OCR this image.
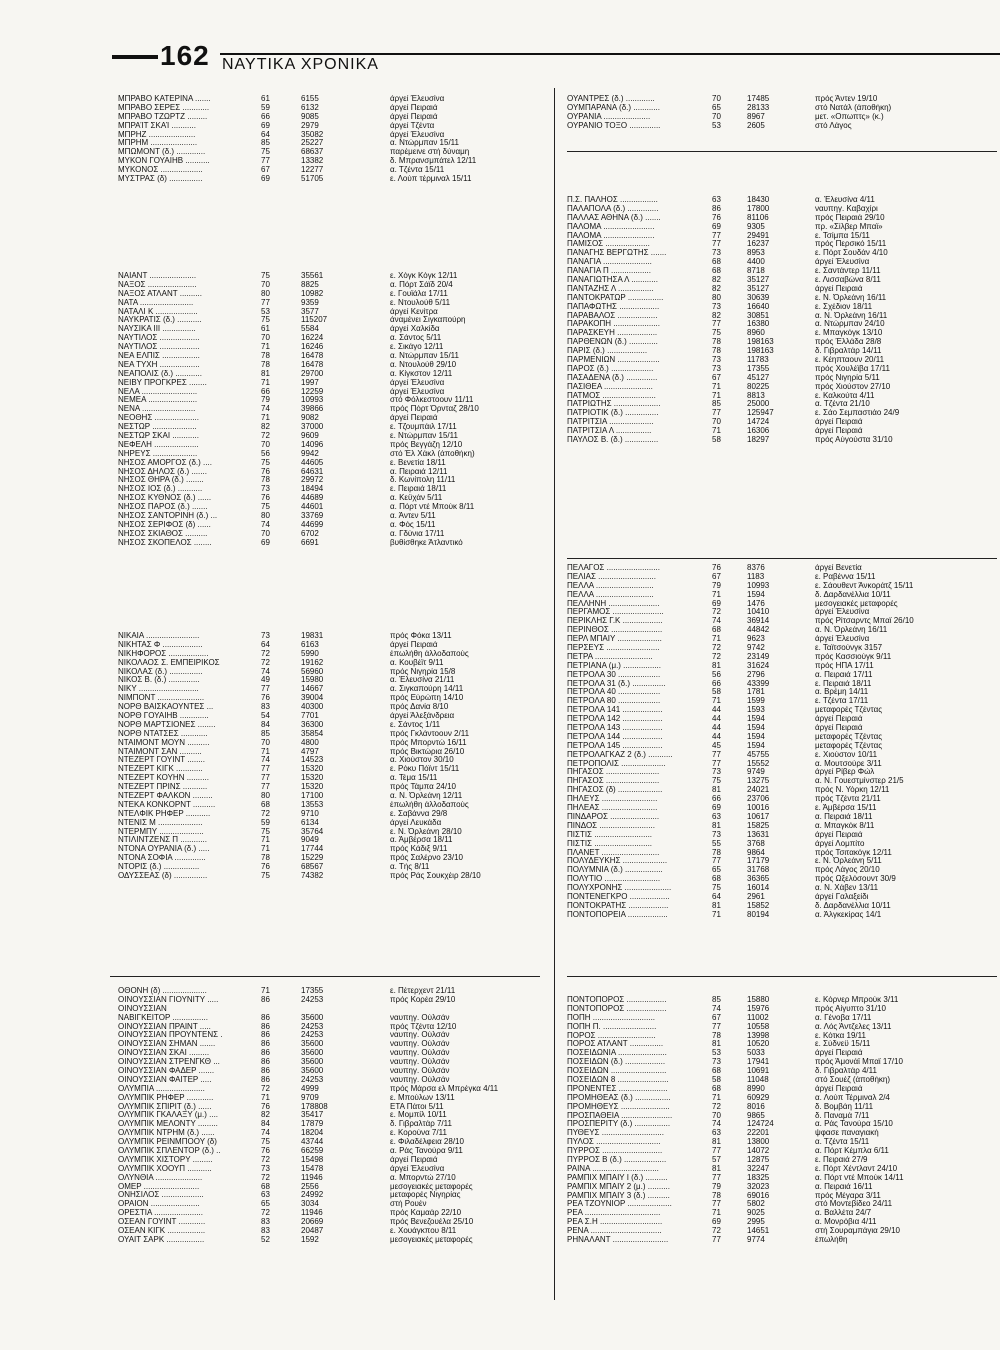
162 ΝΑΥΤΙΚΑ ΧΡΟΝΙΚΑ
ΜΠΡΑΒΟ ΚΑΤΕΡΙΝΑ .......	61	6155	άργεί Έλευσίνα
ΜΠΡΑΒΟ ΣΕΡΕΣ ............	59	6132	άργεί Πειραιά
ΜΠΡΑΒΟ ΤΖΩΡΤΖ .........	66	9085	άργεί Πειραιά
ΜΠΡΑΊΤ ΣΚΑΊ ...........	69	2979	άργεί Τζέντα
ΜΠΡΗΖ .....................	64	35082	άργεί Έλευσίνα
ΜΠΡΗΜ .....................	85	25227	α. Ντώρμπαν 15/11
ΜΠΩΜΟΝΤ (δ.) .............	75	68637	παρέμεινε στή δύναμη
ΜΥΚΟΝ ΓΟΥΑΙΗΒ ...........	77	13382	δ. Μπρανσμπάτελ 12/11
ΜΥΚΟΝΟΣ ...................	67	12277	α. Τζέντα 15/11
ΜΥΣΤΡΑΣ (δ) ...............	69	51705	ε. Λούπ τέρμιναλ 15/11
ΝΑΪΑΝΤ .....................	75	35561	ε. Χόγκ Κόγκ 12/11
ΝΑΞΟΣ ......................	70	8825	α. Πόρτ Σάϊδ 20/4
ΝΑΞΟΣ ΑΤΛΑΝΤ ..........	80	10982	ε. Γουϊάλα 17/11
ΝΑΤΑ ........................	77	9359	ε. Ντουλούθ 5/11
ΝΑΤΑΛΙ Κ ...................	53	3577	άργεί Κενίτρα
ΝΑΥΚΡΑΤΙΣ (δ.) ...........	75	115207	άναμένει Σιγκαπούρη
ΝΑΥΣΙΚΑ III ...............	61	5584	άργεί Χαλκίδα
ΝΑΥΤΙΛΟΣ ..................	70	16224	α. Σάντος 5/11
ΝΑΥΤΙΛΟΣ ..................	71	16246	ε. Σικάγο 12/11
ΝΕΑ ΕΛΠΙΣ .................	78	16478	α. Ντώρμπαν 15/11
ΝΕΑ ΤΥΧΗ ..................	78	16478	α. Ντουλούθ 29/10
ΝΕΑΠΟΛΙΣ (δ.) ............	81	29700	α. Κίγκστον 12/11
ΝΕΪΒΥ ΠΡΟΓΚΡΕΣ ........	71	1997	άργεί Έλευσίνα
ΝΕΛΑ .........................	66	12259	άργεί Έλευσίνα
ΝΕΜΕΑ ......................	79	10993	στό Φόλκεστοουν 11/11
ΝΕΝΑ ........................	74	39866	πρός Πόρτ Όρνταζ 28/10
ΝΕΟΘΗΣ ....................	71	9082	άργεί Πειραιά
ΝΕΣΤΩΡ ....................	82	37000	ε. Τζουμπάιλ 17/11
ΝΕΣΤΩΡ ΣΚΑΪ ............	72	9609	ε. Ντώρμπαν 15/11
ΝΕΦΕΛΗ ....................	70	14096	πρός Βεγγάζη 12/10
ΝΗΡΕΥΣ ....................	56	9942	στό Έλ Χάκλ (άποθήκη)
ΝΗΣΟΣ ΑΜΟΡΓΟΣ (δ.) ....	75	44605	ε. Βενετία 18/11
ΝΗΣΟΣ ΔΗΛΟΣ (δ.) .......	76	64631	α. Πειραιά 12/11
ΝΗΣΟΣ ΘΗΡΑ (δ.) ........	78	29972	δ. Κωνίπολη 11/11
ΝΗΣΟΣ ΙΟΣ (δ.) ...........	73	18494	ε. Πειραιά 18/11
ΝΗΣΟΣ ΚΥΘΝΟΣ (δ.) ......	76	44689	α. Κεϋχάν 5/11
ΝΗΣΟΣ ΠΑΡΟΣ (δ.) .......	75	44601	α. Πόρτ ντέ Μπούκ 8/11
ΝΗΣΟΣ ΣΑΝΤΟΡΙΝΗ (δ.) ...	80	33769	α. Άντεν 5/11
ΝΗΣΟΣ ΣΕΡΙΦΟΣ (δ) ......	74	44699	α. Φός 15/11
ΝΗΣΟΣ ΣΚΙΑΘΟΣ ..........	70	6702	α. Γδύνια 17/11
ΝΗΣΟΣ ΣΚΟΠΕΛΟΣ ........	69	6691	βυθίσθηκε Άτλαντικό
ΝΙΚΑΙΑ ........................	73	19831	πρός Φόκα 13/11
ΝΙΚΗΤΑΣ Φ ..................	64	6163	άργεί Πειραιά
ΝΙΚΗΦΟΡΟΣ ..................	72	5990	έπωλήθη άλλοδαπούς
ΝΙΚΟΛΑΟΣ Σ. ΕΜΠΕΙΡΙΚΟΣ	72	19162	α. Κουβέϊτ 9/11
ΝΙΚΟΛΑΣ (δ.) ...............	74	56960	πρός Νιγηρία 15/8
ΝΙΚΟΣ Β. (δ.) ..............	49	15980	α. Έλευσίνα 21/11
ΝΙΚΥ ...........................	77	14667	α. Σιγκαπούρη 14/11
ΝΙΜΠΟΝΤ .....................	76	39004	πρός Εύρώπη 14/10
ΝΟΡΘ ΒΑΪΣΚΑΟΥΝΤΕΣ ...	83	40300	πρός Δανία 8/10
ΝΟΡΘ ΓΟΥΑΙΗΒ .............	54	7701	άργεί Άλεξάνδρεια
ΝΟΡΘ ΜΑΡΤΣΙΟΝΕΣ ........	84	36300	ε. Σάντος 1/11
ΝΟΡΘ ΝΤΑΤΣΕΣ ............	85	35854	πρός Γκλάντοουν 2/11
ΝΤΑΪΜΟΝΤ ΜΟΥΝ ..........	70	4800	πρός Μπορντώ 16/11
ΝΤΑΪΜΟΝΤ ΣΑΝ ..........	71	4797	πρός Βικτώρια 26/10
ΝΤΕΖΕΡΤ ΓΟΥΪΝΤ ........	74	14523	α. Χιούστον 30/10
ΝΤΕΖΕΡΤ ΚΙΓΚ ............	77	15320	ε. Ρόκυ Πόϊντ 15/11
ΝΤΕΖΕΡΤ ΚΟΥΗΝ ..........	77	15320	α. Τέμα 15/11
ΝΤΕΖΕΡΤ ΠΡΙΝΣ ...........	77	15320	πρός Τάμπα 24/10
ΝΤΕΖΕΡΤ ΦΑΛΚΟΝ .........	80	17100	α. Ν. Όρλεάνη 12/11
ΝΤΕΚΑ ΚΟΝΚΟΡΝΤ ..........	68	13553	έπωλήθη άλλοδαπούς
ΝΤΕΛΦΙΚ ΡΗΦΕΡ ...........	72	9710	ε. Σαβάννα 29/8
ΝΤΕΝΙΣ Μ ....................	59	6134	άργεί Λευκάδα
ΝΤΕΡΜΠΥ ....................	75	35764	ε. Ν. Όρλεάνη 28/10
ΝΤΙΛΙΝΤΖΕΝΣ Π ............	71	9049	α. Άμβέρσα 18/11
ΝΤΟΝΑ ΟΥΡΑΝΙΑ (δ.) .....	71	17744	πρός Κάδιξ 9/11
ΝΤΟΝΑ ΣΟΦΙΑ ..............	78	15229	πρός Σαλέρνο 23/10
ΝΤΟΡΙΣ (δ.) ................	76	68567	α. Τής 8/11
ΟΔΥΣΣΕΑΣ (δ) ...............	75	74382	πρός Ράς Σουκχέιρ 28/10
ΟΘΟΝΗ (δ) ....................	71	17355	ε. Πέτερχεντ 21/11
ΟΙΝΟΥΣΣΙΑΝ ΓΙΟΥΝΙΤΥ .....	86	24253	πρός Κορέα 29/10
ΟΙΝΟΥΣΣΙΑΝ
ΝΑΒΙΓΚΕΪΤΟΡ ................	86	35600	ναυπηγ. Ούλσάν
ΟΙΝΟΥΣΣΙΑΝ ΠΡΑΪΝΤ .....	86	24253	πρός Τζέντα 12/10
ΟΙΝΟΥΣΣΙΑΝ ΠΡΟΥΝΤΕΝΣ .	86	24253	ναυπηγ. Ούλσάν
ΟΙΝΟΥΣΣΙΑΝ ΣΗΜΑΝ .......	86	35600	ναυπηγ. Ούλσάν
ΟΙΝΟΥΣΣΙΑΝ ΣΚΑΪ .........	86	35600	ναυπηγ. Ούλσάν
ΟΙΝΟΥΣΣΙΑΝ ΣΤΡΕΝΓΚΘ ...	86	35600	ναυπηγ. Ούλσάν
ΟΙΝΟΥΣΣΙΑΝ ΦΑΔΕΡ .......	86	35600	ναυπηγ. Ούλσάν
ΟΙΝΟΥΣΣΙΑΝ ΦΑΪΤΕΡ .....	86	24253	ναυπηγ. Ούλσάν
ΟΛΥΜΠΙΑ ......................	72	4999	πρός Μάρσα ελ Μπρέγκα 4/11
ΟΛΥΜΠΙΚ ΡΗΦΕΡ ............	71	9709	ε. Μπούλων 13/11
ΟΛΥΜΠΙΚ ΣΠΙΡΙΤ (δ.) ......	76	178808	ΕΤΑ Πάτοι 5/11
ΟΛΥΜΠΙΚ ΓΚΑΛΑΞΥ (μ.) ....	82	35417	ε. Μομπίλ 10/11
ΟΛΥΜΠΙΚ ΜΕΛΟΝΤΥ .........	84	17879	δ. Γιβραλτάρ 7/11
ΟΛΥΜΠΙΚ ΝΤΡΗΜ (δ.) ......	74	18204	ε. Κορούνα 7/11
ΟΛΥΜΠΙΚ ΡΕΪΝΜΠΟΟΥ (δ)	75	43744	ε. Φιλαδέλφεια 28/10
ΟΛΥΜΠΙΚ ΣΠΛΕΝΤΟΡ (δ.) ..	76	66259	α. Ράς Τανούρα 9/11
ΟΛΥΜΠΙΚ ΧΙΣΤΟΡΥ .........	72	15498	άργεί Πειραιά
ΟΛΥΜΠΙΚ ΧΟΟΥΠ ...........	73	15478	άργεί Έλευσίνα
ΟΛΥΝΘΙΑ .....................	72	11946	α. Μπορντώ 27/10
ΟΜΕΡ .........................	68	2556	μεσογειακές μεταφορές
ΟΝΗΣΙΛΟΣ ...................	63	24992	μεταφορές Νιγηρίας
ΟΡΑΪΟΝ ......................	65	3034	στή Ρουέν
ΟΡΕΣΤΙΑ ......................	72	11946	πρός Καμαάρ 22/10
ΟΣΕΑΝ ΓΟΥΪΝΤ ............	83	20669	πρός Βενεζουέλα 25/10
ΟΣΕΑΝ ΚΙΓΚ .................	83	20487	ε. Χουάγκπου 8/11
ΟΥΑΪΤ ΣΑΡΚ .................	52	1592	μεσογειακές μεταφορές
ΟΥΑΝΤΡΕΣ (δ.) .............	70	17485	πρός Άντεν 19/10
ΟΥΜΠΑΡΑΝΑ (δ.) ............	65	28133	στό Νατάλ (άποθήκη)
ΟΥΡΑΝΙΑ .....................	70	8967	μετ. «Οπωπτς» (κ.)
ΟΥΡΑΝΙΟ ΤΟΞΟ ..............	53	2605	στό Λάγος
Π.Σ. ΠΑΛΗΟΣ .................	63	18430	α. Έλευσίνα 4/11
ΠΑΛΑΠΟΛΑ (δ.) ..............	86	17800	ναυπηγ. Καβαχίρι
ΠΑΛΛΑΣ ΑΘΗΝΑ (δ.) .......	76	81106	πρός Πειραιά 29/10
ΠΑΛΟΜΑ .......................	69	9305	πρ. «Σίλβερ Μπαϊ»
ΠΑΛΟΜΑ .......................	77	29491	ε. Τσίμπα 15/11
ΠΑΜΙΣΟΣ ....................	77	16237	πρός Περσικό 15/11
ΠΑΝΑΓΗΣ ΒΕΡΓΩΤΗΣ .......	73	8953	ε. Πόρτ Σουδάν 4/10
ΠΑΝΑΓΙΑ ......................	68	4400	άργεί Έλευσίνα
ΠΑΝΑΓΙΑ Π ..................	68	8718	ε. Σαντάντερ 11/11
ΠΑΝΑΓΙΩΤΗΣΑ Λ ............	82	35127	ε. Λισσαβώνα 8/11
ΠΑΝΤΑΖΗΣ Λ ................	82	35127	άργεί Πειραιά
ΠΑΝΤΟΚΡΑΤΩΡ ................	80	30639	ε. Ν. Όρλεάνη 16/11
ΠΑΠΑΦΩΤΗΣ ..................	73	16640	ε. Σχέδιον 18/11
ΠΑΡΑΒΑΛΟΣ ..................	82	30851	α. Ν. Όρλεάνη 16/11
ΠΑΡΑΚΟΠΗ .....................	77	16380	α. Ντώρμπαν 24/10
ΠΑΡΑΣΚΕΥΗ ..................	75	8960	ε. Μπαγκόγκ 13/10
ΠΑΡΘΕΝΩΝ (δ.) .............	78	198163	πρός Έλλάδα 28/8
ΠΑΡΙΣ (δ.) ..................	78	198163	δ. Γιβραλτάρ 14/11
ΠΑΡΜΕΝΙΩΝ ...................	73	11783	ε. Κέηπταουν 20/11
ΠΑΡΟΣ (δ.) ...................	73	17355	πρός Χουλέϊβα 17/11
ΠΑΣΑΔΕΝΑ (δ.) ..............	67	45127	πρός Νιγηρία 5/11
ΠΑΣΙΘΕΑ ......................	71	80225	πρός Χιούστον 27/10
ΠΑΤΜΟΣ ........................	71	8813	ε. Καλκούτα 4/11
ΠΑΤΡΙΩΤΗΣ .....................	85	25000	α. Τζέντα 21/10
ΠΑΤΡΙΟΤΙΚ (δ.) ...............	77	125947	ε. Σάο Σεμπαστιάο 24/9
ΠΑΤΡΙΤΣΙΑ ....................	70	14724	άργεί Πειραιά
ΠΑΤΡΙΤΣΙΑ Λ ................	71	16306	άργεί Πειραιά
ΠΑΥΛΟΣ Β. (δ.) ...............	58	18297	πρός Αύγούστα 31/10
ΠΕΛΑΓΟΣ ........................	76	8376	άργεί Βενετία
ΠΕΛΙΑΣ ..........................	67	1183	ε. Ραβέννα 15/11
ΠΕΛΛΑ ..........................	79	10993	ε. Σάουθεντ Άνκοράτζ 15/11
ΠΕΛΛΑ ..........................	71	1594	δ. Δαρδανέλλια 10/11
ΠΕΛΛΗΝΗ .......................	69	1476	μεσογειακές μεταφορές
ΠΕΡΓΑΜΟΣ .......................	72	10410	άργεί Έλευσίνα
ΠΕΡΙΚΛΗΣ Γ.Κ ..................	74	36914	πρός Ρίτσαρντς Μπαϊ 26/10
ΠΕΡΙΝΘΟΣ .......................	68	44842	α. Ν. Όρλεάνη 16/11
ΠΕΡΛ ΜΠΑΪΥ ....................	71	9623	άργεί Έλευσίνα
ΠΕΡΣΕΥΣ ........................	72	9742	ε. Ταϊτσούνγκ 3157
ΠΕΤΡΑ ..........................	72	23149	πρός Κασσιούγκ 9/11
ΠΕΤΡΙΑΝΑ (μ.) .................	81	31624	πρός ΗΠΑ 17/11
ΠΕΤΡΟΛΑ 30 ...................	56	2796	α. Πειραιά 17/11
ΠΕΤΡΟΛΑ 31 (δ.) ...............	66	43399	ε. Πειραιά 18/11
ΠΕΤΡΟΛΑ 40 ...................	58	1781	α. Βρέμη 14/11
ΠΕΤΡΟΛΑ 80 ...................	71	1599	ε. Τζέντα 17/11
ΠΕΤΡΟΛΑ 141 ..................	44	1593	μεταφορές Τζέντας
ΠΕΤΡΟΛΑ 142 ..................	44	1594	άργεί Πειραιά
ΠΕΤΡΟΛΑ 143 ..................	44	1594	άργεί Πειραιά
ΠΕΤΡΟΛΑ 144 ..................	44	1594	μεταφορές Τζέντας
ΠΕΤΡΟΛΑ 145 ..................	45	1594	μεταφορές Τζέντας
ΠΕΤΡΟΛΑΓΚΑΖ 2 (δ.) ...........	77	45755	ε. Χιούστον 10/11
ΠΕΤΡΟΠΟΛΙΣ ....................	77	15552	α. Μουτσούρε 3/11
ΠΗΓΑΣΟΣ ........................	73	9749	άργεί Ρίβερ Φώλ
ΠΗΓΑΣΟΣ ........................	75	13275	α. Ν. Γουεστμίνστερ 21/5
ΠΗΓΑΣΟΣ (δ) ....................	81	24021	πρός Ν. Υόρκη 12/11
ΠΗΛΕΥΣ .........................	66	23706	πρός Τζέντα 21/11
ΠΗΛΕΑΣ .........................	69	10016	ε. Άμβέρσα 15/11
ΠΙΝΔΑΡΟΣ ......................	63	10617	α. Πειραιά 18/11
ΠΙΝΔΟΣ .........................	81	15825	α. Μπαγκόκ 8/11
ΠΙΣΤΙΣ ..........................	73	13631	άργεί Πειραιά
ΠΙΣΤΙΣ ..........................	55	3768	άργεί Λομπίτο
ΠΛΑΝΕΤ ..........................	78	9864	πρός Τσιτακόγκ 12/11
ΠΟΛΥΔΕΥΚΗΣ ....................	77	17179	ε. Ν. Όρλεάνη 5/11
ΠΟΛΥΜΝΙΑ (δ.) .................	65	31768	πρός Λάγος 20/10
ΠΟΛΥΤΙΟ .........................	68	36365	πρός Ωξελόσουντ 30/9
ΠΟΛΥΧΡΟΝΗΣ .....................	75	16014	α. Ν. Χάβεν 13/11
ΠΟΝΤΕΝΕΓΚΡΟ ..................	64	2961	άργεί Γαλαξείδι
ΠΟΝΤΟΚΡΑΤΗΣ ..................	81	15852	δ. Δαρδανέλλια 10/11
ΠΟΝΤΟΠΟΡΕΙΑ ..................	71	80194	α. Άλγκεκίρας 14/1
ΠΟΝΤΟΠΟΡΟΣ ..................	85	15880	ε. Κόρνερ Μπρούκ 3/11
ΠΟΝΤΟΠΟΡΟΣ ..................	74	15976	πρός Αίγυπτο 31/10
ΠΟΠΗ ............................	67	11002	α. Γένοβα 17/11
ΠΟΠΗ Π. ........................	77	10558	α. Λός Άντζελες 13/11
ΠΟΡΟΣ ..........................	78	13998	ε. Κότκα 19/11
ΠΟΡΟΣ ΑΤΛΑΝΤ ...............	81	10520	ε. Σύδνεϋ 15/11
ΠΟΣΕΙΔΩΝΙΑ ......................	53	5033	άργεί Πειραιά
ΠΟΣΕΙΔΩΝ (δ.) ..................	73	17941	πρός Άμονάϊ Μπαϊ 17/10
ΠΟΣΕΙΔΩΝ .........................	68	10691	δ. Γιβραλτάρ 4/11
ΠΟΣΕΙΔΩΝ 8 .......................	58	11048	στό Σουέζ (άποθήκη)
ΠΡΟΝΕΝΤΕΣ ......................	68	8990	άργεί Πειραιά
ΠΡΟΜΗΘΕΑΣ (δ.) ................	71	60929	α. Λούπ Τέρμιναλ 2/4
ΠΡΟΜΗΘΕΥΣ ......................	72	8016	δ. Βομβάη 11/11
ΠΡΟΣΠΑΘΕΙΑ .......................	70	9865	δ. Παναμά 7/11
ΠΡΟΣΠΕΡΙΤΥ (δ.) ................	74	124724	α. Ράς Τανούρα 15/10
ΠΥΘΕΥΣ ............................	63	22201	ψφασε παναγιακή
ΠΥΛΟΣ .............................	81	13800	α. Τζέντα 15/11
ΠΥΡΡΟΣ ...........................	77	14072	α. Πόρτ Κέμπλα 6/11
ΠΥΡΡΟΣ Β (δ.) ...................	57	12875	ε. Πειραιά 27/9
ΡΑΪΝΑ ..............................	81	32247	ε. Πόρτ Χέντλαντ 24/10
ΡΑΜΠΙΧ ΜΠΑΪΥ Ι (δ.) ..........	77	18325	α. Πόρτ ντέ Μπούκ 14/11
ΡΑΜΠΙΧ ΜΠΑΪΥ 2 (μ.) ..........	79	32023	α. Πειραιά 16/11
ΡΑΜΠΙΧ ΜΠΑΪΥ 3 (δ.) ..........	78	69016	πρός Μέγαρα 3/11
ΡΕΑ ΤΖΟΥΝΙΟΡ ....................	77	5802	στό Μοντεβίδεο 24/11
ΡΕΑ ..................................	71	9025	α. Βαλλέτα 24/7
ΡΕΑ Σ.Η ............................	69	2995	α. Μονρόβια 4/11
ΡΕΝΑ ................................	72	14651	στή Σουραμπάγια 29/10
ΡΗΝΑΛΑΝΤ .........................	77	9774	έπωλήθη
